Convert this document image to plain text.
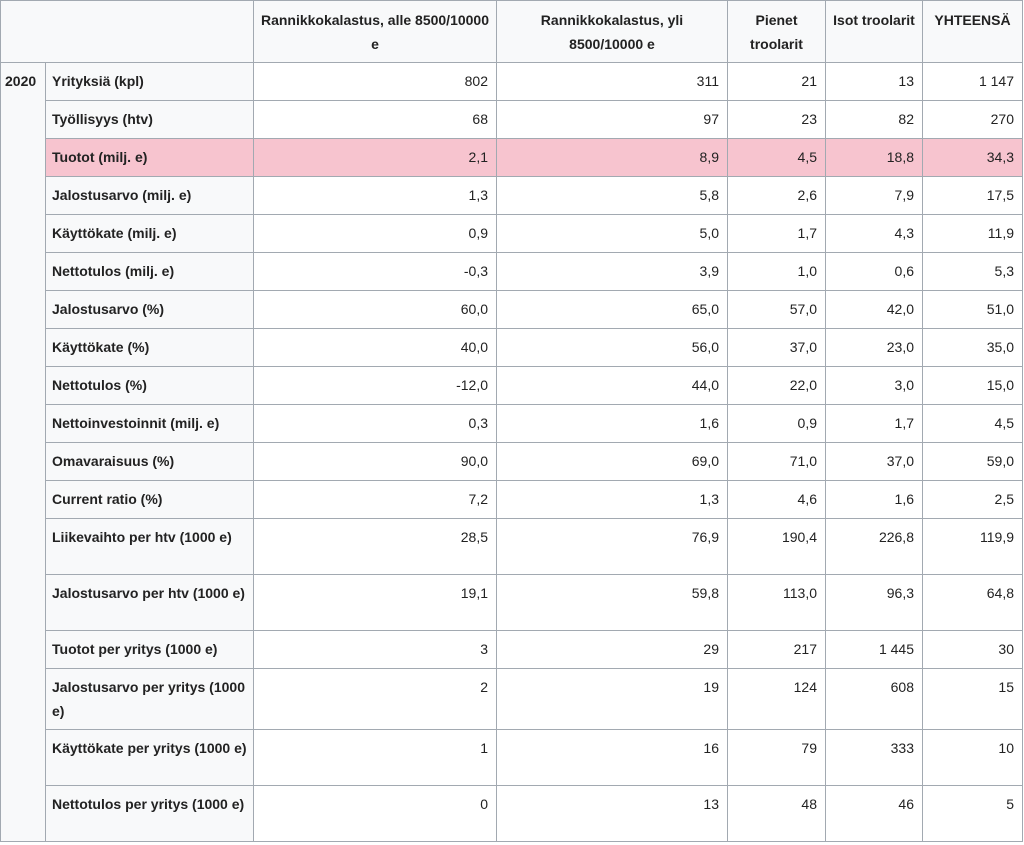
		Rannikkokalastus, alle 8500/10000 e	Rannikkokalastus, yli 8500/10000 e	Pienet troolarit	Isot troolarit	YHTEENSÄ
2020	Yrityksiä (kpl)	802	311	21	13	1 147
	Työllisyys (htv)	68	97	23	82	270
	Tuotot (milj. e)	2,1	8,9	4,5	18,8	34,3
	Jalostusarvo (milj. e)	1,3	5,8	2,6	7,9	17,5
	Käyttökate (milj. e)	0,9	5,0	1,7	4,3	11,9
	Nettotulos (milj. e)	-0,3	3,9	1,0	0,6	5,3
	Jalostusarvo (%)	60,0	65,0	57,0	42,0	51,0
	Käyttökate (%)	40,0	56,0	37,0	23,0	35,0
	Nettotulos (%)	-12,0	44,0	22,0	3,0	15,0
	Nettoinvestoinnit (milj. e)	0,3	1,6	0,9	1,7	4,5
	Omavaraisuus (%)	90,0	69,0	71,0	37,0	59,0
	Current ratio (%)	7,2	1,3	4,6	1,6	2,5
	Liikevaihto per htv (1000 e)	28,5	76,9	190,4	226,8	119,9
	Jalostusarvo per htv (1000 e)	19,1	59,8	113,0	96,3	64,8
	Tuotot per yritys (1000 e)	3	29	217	1 445	30
	Jalostusarvo per yritys (1000 e)	2	19	124	608	15
	Käyttökate per yritys (1000 e)	1	16	79	333	10
	Nettotulos per yritys (1000 e)	0	13	48	46	5
